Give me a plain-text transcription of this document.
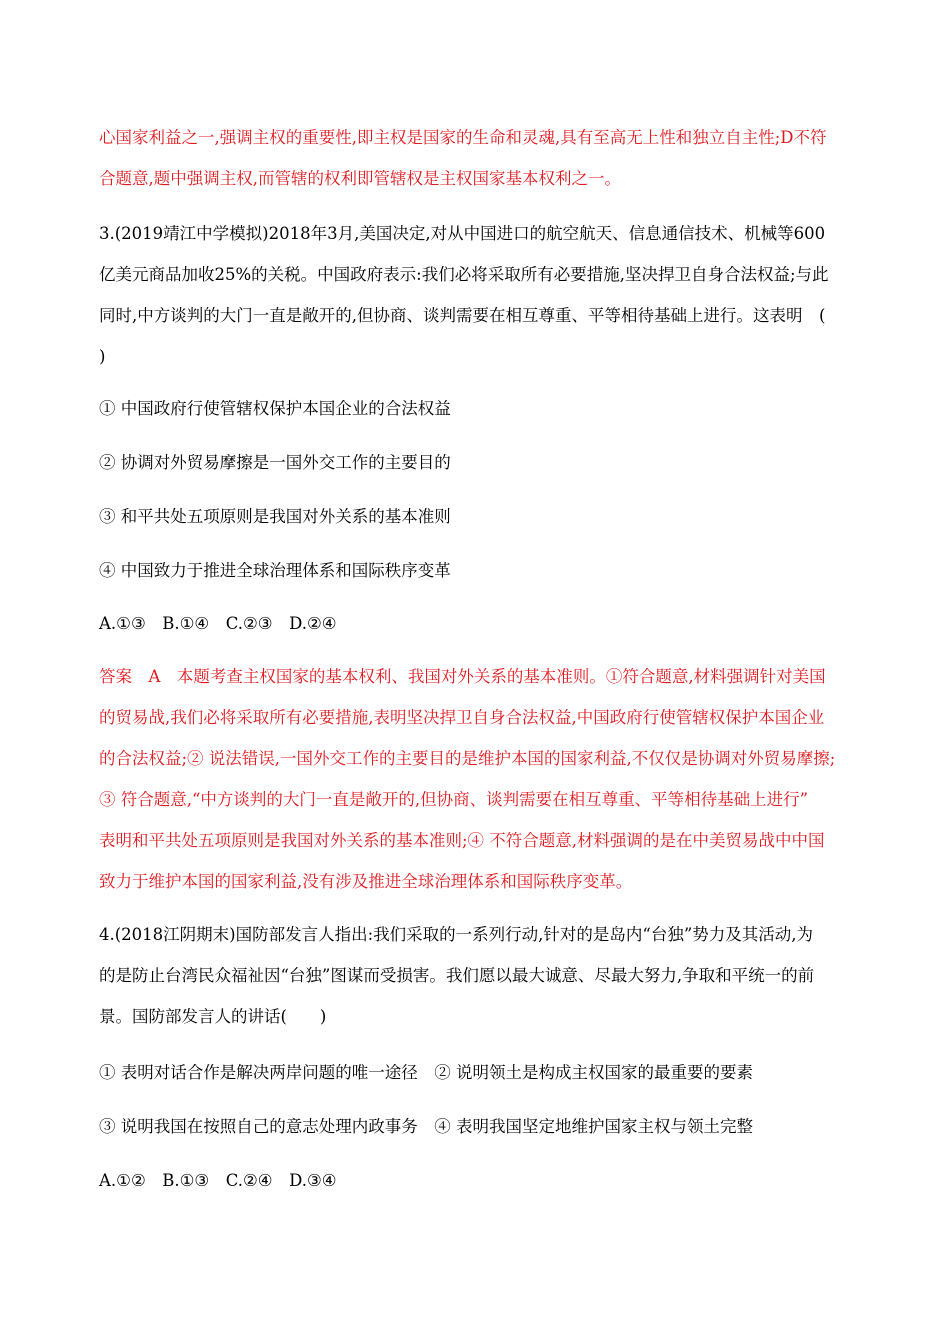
心国家利益之一,强调主权的重要性,即主权是国家的生命和灵魂,具有至高无上性和独立自主性;D不符
合题意,题中强调主权,而管辖的权利即管辖权是主权国家基本权利之一。
3.(2019靖江中学模拟)2018年3月,美国决定,对从中国进口的航空航天、信息通信技术、机械等600
亿美元商品加收25%的关税。中国政府表示:我们必将采取所有必要措施,坚决捍卫自身合法权益;与此
同时,中方谈判的大门一直是敞开的,但协商、谈判需要在相互尊重、平等相待基础上进行。这表明　(
)
① 中国政府行使管辖权保护本国企业的合法权益
② 协调对外贸易摩擦是一国外交工作的主要目的
③ 和平共处五项原则是我国对外关系的基本准则
④ 中国致力于推进全球治理体系和国际秩序变革
A.①③　B.①④　C.②③　D.②④
答案　A　本题考查主权国家的基本权利、我国对外关系的基本准则。①符合题意,材料强调针对美国
的贸易战,我们必将采取所有必要措施,表明坚决捍卫自身合法权益,中国政府行使管辖权保护本国企业
的合法权益;② 说法错误,一国外交工作的主要目的是维护本国的国家利益,不仅仅是协调对外贸易摩擦;
③ 符合题意,“中方谈判的大门一直是敞开的,但协商、谈判需要在相互尊重、平等相待基础上进行”
表明和平共处五项原则是我国对外关系的基本准则;④ 不符合题意,材料强调的是在中美贸易战中中国
致力于维护本国的国家利益,没有涉及推进全球治理体系和国际秩序变革。
4.(2018江阴期末)国防部发言人指出:我们采取的一系列行动,针对的是岛内“台独”势力及其活动,为
的是防止台湾民众福祉因“台独”图谋而受损害。我们愿以最大诚意、尽最大努力,争取和平统一的前
景。国防部发言人的讲话(　　)
① 表明对话合作是解决两岸问题的唯一途径　② 说明领土是构成主权国家的最重要的要素
③ 说明我国在按照自己的意志处理内政事务　④ 表明我国坚定地维护国家主权与领土完整
A.①②　B.①③　C.②④　D.③④
